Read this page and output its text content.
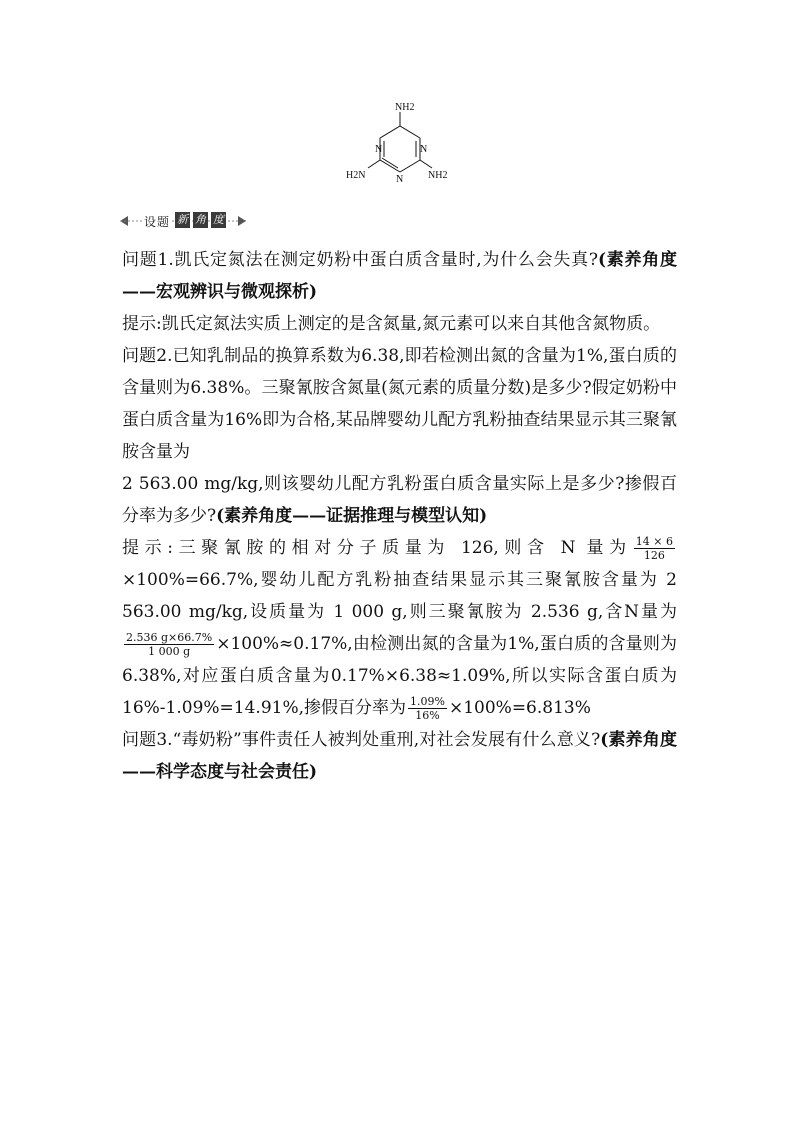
NH2
H2N	NH2
N	N
N
设题 新 角 度

问题1.凯氏定氮法在测定奶粉中蛋白质含量时,为什么会失真?(素养角度——宏观辨识与微观探析)

提示:凯氏定氮法实质上测定的是含氮量,氮元素可以来自其他含氮物质。

问题2.已知乳制品的换算系数为6.38,即若检测出氮的含量为1%,蛋白质的含量则为6.38%。三聚氰胺含氮量(氮元素的质量分数)是多少?假定奶粉中蛋白质含量为16%即为合格,某品牌婴幼儿配方乳粉抽查结果显示其三聚氰胺含量为

2 563.00 mg/kg,则该婴幼儿配方乳粉蛋白质含量实际上是多少?掺假百分率为多少?(素养角度——证据推理与模型认知)

提示:三聚氰胺的相对分子质量为 126,则含 N 量为 $\frac{14 \times 6}{126}$
×100%=66.7%,婴幼儿配方乳粉抽查结果显示其三聚氰胺含量为 2 563.00 mg/kg,设质量为 1 000 g,则三聚氰胺为 2.536 g,含N量为
$\frac{2.536 g\times 66.7\%}{1 000 g} \times 100\%\approx 0.17\%$,由检测出氮的含量为1%,蛋白质的含量则为6.38%,对应蛋白质含量为0.17%×6.38≈1.09%,所以实际含蛋白质为 16%-1.09%=14.91%,掺假百分率为 $\frac{1.09\%}{16\%} \times 100\%=6.813\%$

问题3.“毒奶粉”事件责任人被判处重刑,对社会发展有什么意义?(素养角度——科学态度与社会责任)
